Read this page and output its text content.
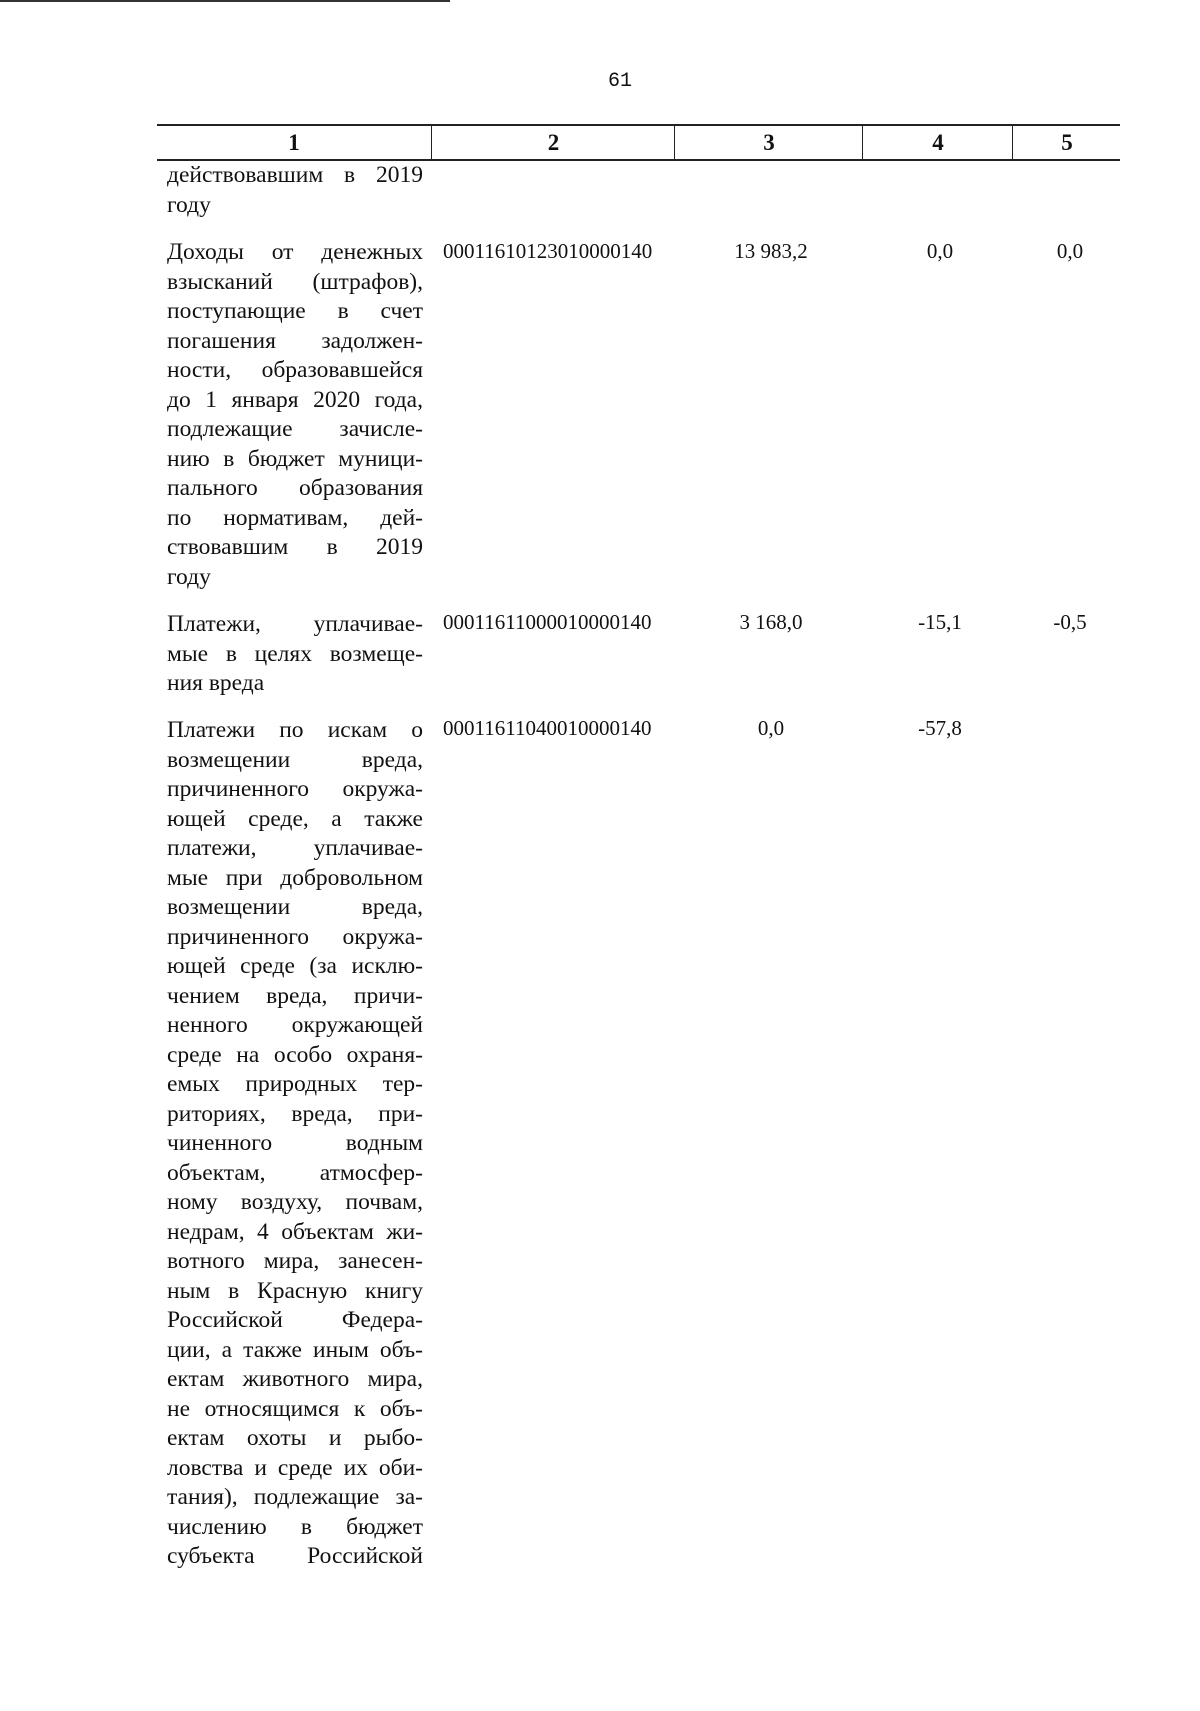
61
1	2	3	4	5
действовавшим в 2019
году
Доходы от денежных
взысканий (штрафов),
поступающие в счет
погашения задолжен-
ности, образовавшейся
до 1 января 2020 года,
подлежащие зачисле-
нию в бюджет муници-
пального образования
по нормативам, дей-
ствовавшим в 2019
году
00011610123010000140	13 983,2	0,0	0,0
Платежи, уплачивае-
мые в целях возмеще-
ния вреда
00011611000010000140	3 168,0	-15,1	-0,5
Платежи по искам о
возмещении вреда,
причиненного окружа-
ющей среде, а также
платежи, уплачивае-
мые при добровольном
возмещении вреда,
причиненного окружа-
ющей среде (за исклю-
чением вреда, причи-
ненного окружающей
среде на особо охраня-
емых природных тер-
риториях, вреда, при-
чиненного водным
объектам, атмосфер-
ному воздуху, почвам,
недрам, 4 объектам жи-
вотного мира, занесен-
ным в Красную книгу
Российской Федера-
ции, а также иным объ-
ектам животного мира,
не относящимся к объ-
ектам охоты и рыбо-
ловства и среде их оби-
тания), подлежащие за-
числению в бюджет
субъекта Российской
00011611040010000140	0,0	-57,8
